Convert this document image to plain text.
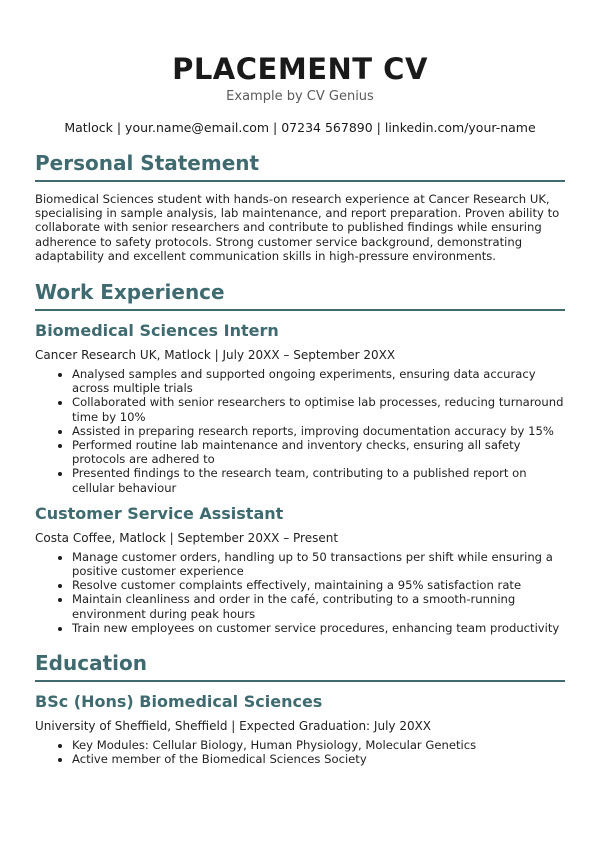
PLACEMENT CV
Example by CV Genius
Matlock | your.name@email.com | 07234 567890 | linkedin.com/your-name
Personal Statement

Biomedical Sciences student with hands-on research experience at Cancer Research UK, specialising in sample analysis, lab maintenance, and report preparation. Proven ability to collaborate with senior researchers and contribute to published findings while ensuring adherence to safety protocols. Strong customer service background, demonstrating adaptability and excellent communication skills in high-pressure environments.

Work Experience
Biomedical Sciences Intern

Cancer Research UK, Matlock | July 20XX – September 20XX

• Analysed samples and supported ongoing experiments, ensuring data accuracy across multiple trials
• Collaborated with senior researchers to optimise lab processes, reducing turnaround time by 10%
• Assisted in preparing research reports, improving documentation accuracy by 15%
• Performed routine lab maintenance and inventory checks, ensuring all safety protocols are adhered to
• Presented findings to the research team, contributing to a published report on cellular behaviour
Customer Service Assistant

Costa Coffee, Matlock | September 20XX – Present

• Manage customer orders, handling up to 50 transactions per shift while ensuring a positive customer experience
• Resolve customer complaints effectively, maintaining a 95% satisfaction rate
• Maintain cleanliness and order in the café, contributing to a smooth-running environment during peak hours
• Train new employees on customer service procedures, enhancing team productivity
Education
BSc (Hons) Biomedical Sciences

University of Sheffield, Sheffield | Expected Graduation: July 20XX

• Key Modules: Cellular Biology, Human Physiology, Molecular Genetics
• Active member of the Biomedical Sciences Society
